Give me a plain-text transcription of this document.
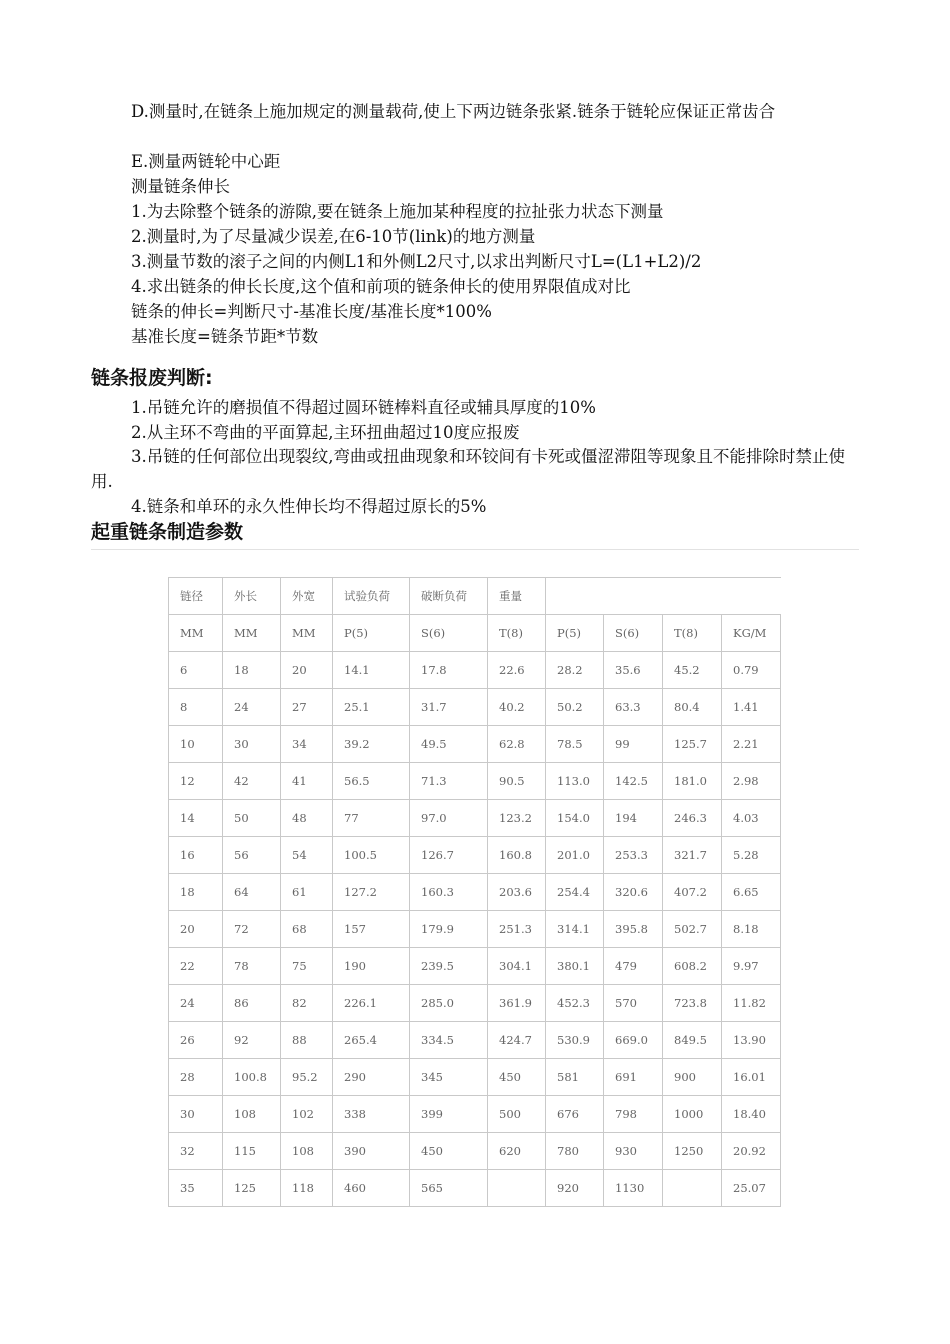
D.测量时,在链条上施加规定的测量载荷,使上下两边链条张紧.链条于链轮应保证正常齿合
E.测量两链轮中心距
测量链条伸长
1.为去除整个链条的游隙,要在链条上施加某种程度的拉扯张力状态下测量
2.测量时,为了尽量减少误差,在6-10节(link)的地方测量
3.测量节数的滚子之间的内侧L1和外侧L2尺寸,以求出判断尺寸L=(L1+L2)/2
4.求出链条的伸长长度,这个值和前项的链条伸长的使用界限值成对比
链条的伸长=判断尺寸-基准长度/基准长度*100%
基准长度=链条节距*节数
链条报废判断:
1.吊链允许的磨损值不得超过圆环链棒料直径或辅具厚度的10%
2.从主环不弯曲的平面算起,主环扭曲超过10度应报废
3.吊链的任何部位出现裂纹,弯曲或扭曲现象和环铰间有卡死或僵涩滞阻等现象且不能排除时禁止使用.
4.链条和单环的永久性伸长均不得超过原长的5%
起重链条制造参数
链径	外长	外宽	试验负荷	破断负荷	重量				
MM	MM	MM	P(5)	S(6)	T(8)	P(5)	S(6)	T(8)	KG/M
6	18	20	14.1	17.8	22.6	28.2	35.6	45.2	0.79
8	24	27	25.1	31.7	40.2	50.2	63.3	80.4	1.41
10	30	34	39.2	49.5	62.8	78.5	99	125.7	2.21
12	42	41	56.5	71.3	90.5	113.0	142.5	181.0	2.98
14	50	48	77	97.0	123.2	154.0	194	246.3	4.03
16	56	54	100.5	126.7	160.8	201.0	253.3	321.7	5.28
18	64	61	127.2	160.3	203.6	254.4	320.6	407.2	6.65
20	72	68	157	179.9	251.3	314.1	395.8	502.7	8.18
22	78	75	190	239.5	304.1	380.1	479	608.2	9.97
24	86	82	226.1	285.0	361.9	452.3	570	723.8	11.82
26	92	88	265.4	334.5	424.7	530.9	669.0	849.5	13.90
28	100.8	95.2	290	345	450	581	691	900	16.01
30	108	102	338	399	500	676	798	1000	18.40
32	115	108	390	450	620	780	930	1250	20.92
35	125	118	460	565		920	1130		25.07
